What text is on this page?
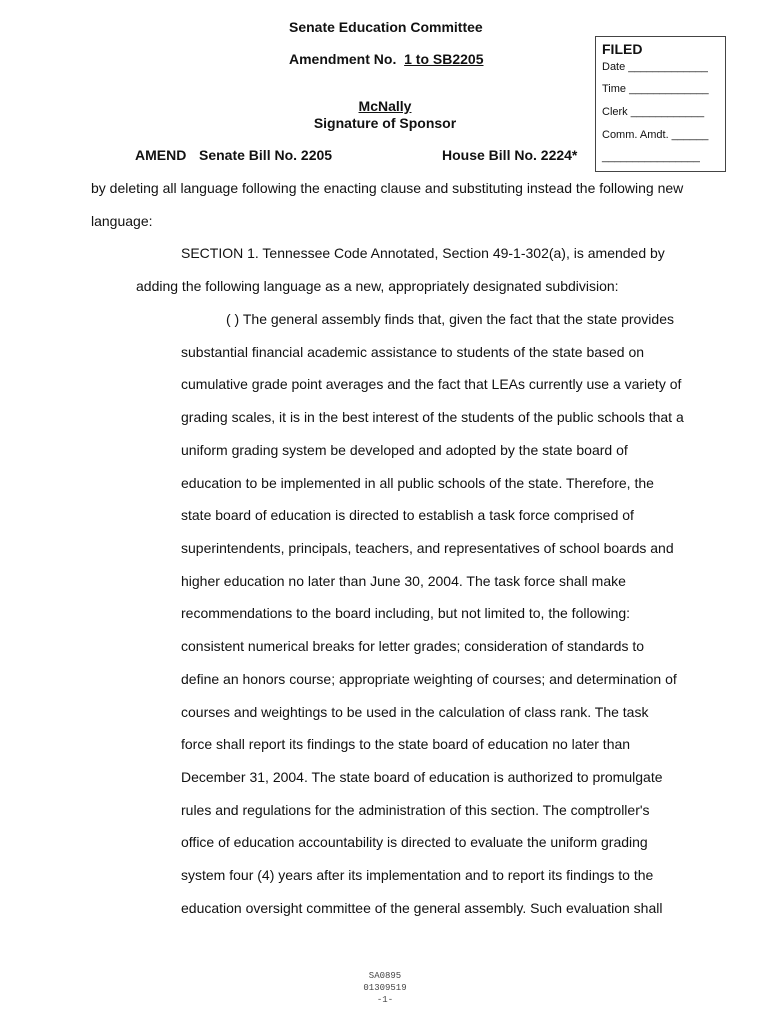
Senate Education Committee
Amendment No. 1 to SB2205
McNally
Signature of Sponsor
AMEND Senate Bill No. 2205	House Bill No. 2224*
FILED
Date _____________
Time _____________
Clerk ____________
Comm. Amdt. ______
________________
by deleting all language following the enacting clause and substituting instead the following new
language:
SECTION 1. Tennessee Code Annotated, Section 49-1-302(a), is amended by
adding the following language as a new, appropriately designated subdivision:
( ) The general assembly finds that, given the fact that the state provides
substantial financial academic assistance to students of the state based on
cumulative grade point averages and the fact that LEAs currently use a variety of
grading scales, it is in the best interest of the students of the public schools that a
uniform grading system be developed and adopted by the state board of
education to be implemented in all public schools of the state. Therefore, the
state board of education is directed to establish a task force comprised of
superintendents, principals, teachers, and representatives of school boards and
higher education no later than June 30, 2004. The task force shall make
recommendations to the board including, but not limited to, the following:
consistent numerical breaks for letter grades; consideration of standards to
define an honors course; appropriate weighting of courses; and determination of
courses and weightings to be used in the calculation of class rank. The task
force shall report its findings to the state board of education no later than
December 31, 2004. The state board of education is authorized to promulgate
rules and regulations for the administration of this section. The comptroller's
office of education accountability is directed to evaluate the uniform grading
system four (4) years after its implementation and to report its findings to the
education oversight committee of the general assembly. Such evaluation shall
SA0895
01309519
-1-
